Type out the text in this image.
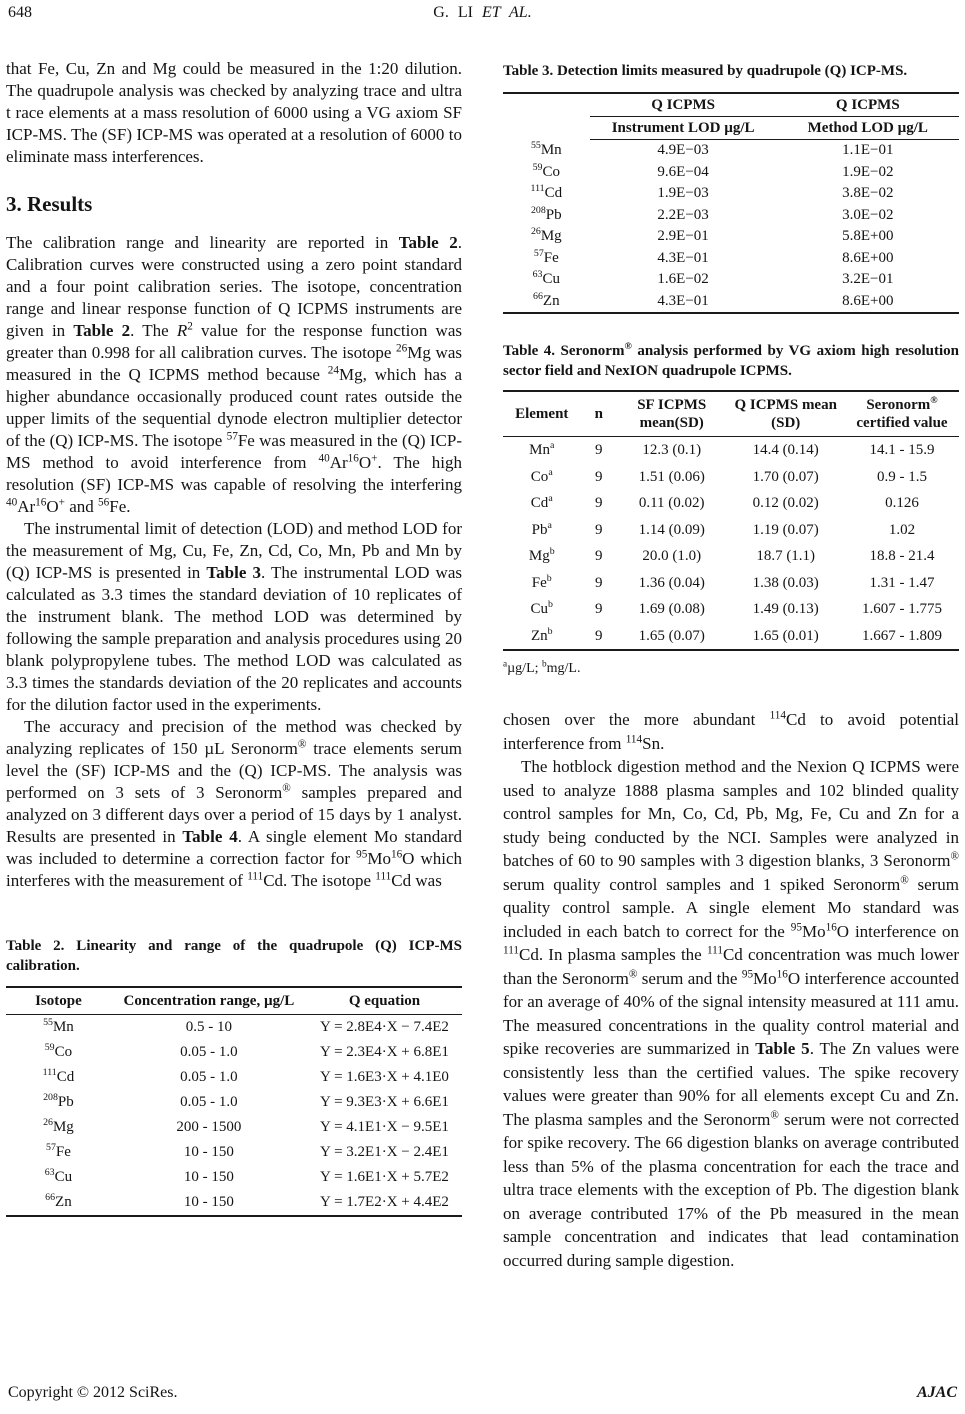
648	G. LI ET AL.

that Fe, Cu, Zn and Mg could be measured in the 1:20 dilution. The quadrupole analysis was checked by analyzing trace and ultra t race elements at a mass resolution of 6000 using a VG axiom SF ICP-MS. The (SF) ICP-MS was operated at a resolution of 6000 to eliminate mass interferences.

3. Results

The calibration range and linearity are reported in Table 2. Calibration curves were constructed using a zero point standard and a four point calibration series. The isotope, concentration range and linear response function of Q ICPMS instruments are given in Table 2. The $R^2$ value for the response function was greater than 0.998 for all calibration curves. The isotope $^{26}$Mg was measured in the Q ICPMS method because $^{24}$Mg, which has a higher abundance occasionally produced count rates outside the upper limits of the sequential dynode electron multiplier detector of the (Q) ICP-MS. The isotope $^{57}$Fe was measured in the (Q) ICP-MS method to avoid interference from $^{40}$Ar$^{16}$O+. The high resolution (SF) ICP-MS was capable of resolving the interfering $^{40}$Ar$^{16}$O+ and $^{56}$Fe.

The instrumental limit of detection (LOD) and method LOD for the measurement of Mg, Cu, Fe, Zn, Cd, Co, Mn, Pb and Mn by (Q) ICP-MS is presented in Table 3. The instrumental LOD was calculated as 3.3 times the standard deviation of 10 replicates of the instrument blank. The method LOD was determined by following the sample preparation and analysis procedures using 20 blank polypropylene tubes. The method LOD was calculated as 3.3 times the standards deviation of the 20 replicates and accounts for the dilution factor used in the experiments.

The accuracy and precision of the method was checked by analyzing replicates of 150 µL Seronorm® trace elements serum level the (SF) ICP-MS and the (Q) ICP-MS. The analysis was performed on 3 sets of 3 Seronorm® samples prepared and analyzed on 3 different days over a period of 15 days by 1 analyst. Results are presented in Table 4. A single element Mo standard was included to determine a correction factor for $^{95}$Mo$^{16}$O which interferes with the measurement of $^{111}$Cd. The isotope $^{111}$Cd was

Table 2. Linearity and range of the quadrupole (Q) ICP-MS calibration.

Isotope	Concentration range, µg/L	Q equation
$^{55}$Mn	0.5 - 10	Y = 2.8E4·X − 7.4E2
$^{59}$Co	0.05 - 1.0	Y = 2.3E4·X + 6.8E1
$^{111}$Cd	0.05 - 1.0	Y = 1.6E3·X + 4.1E0
$^{208}$Pb	0.05 - 1.0	Y = 9.3E3·X + 6.6E1
$^{26}$Mg	200 - 1500	Y = 4.1E1·X − 9.5E1
$^{57}$Fe	10 - 150	Y = 3.2E1·X − 2.4E1
$^{63}$Cu	10 - 150	Y = 1.6E1·X + 5.7E2
$^{66}$Zn	10 - 150	Y = 1.7E2·X + 4.4E2

Table 3. Detection limits measured by quadrupole (Q) ICP-MS.

	Q ICPMS	Q ICPMS
	Instrument LOD µg/L	Method LOD µg/L
$^{55}$Mn	4.9E−03	1.1E−01
$^{59}$Co	9.6E−04	1.9E−02
$^{111}$Cd	1.9E−03	3.8E−02
$^{208}$Pb	2.2E−03	3.0E−02
$^{26}$Mg	2.9E−01	5.8E+00
$^{57}$Fe	4.3E−01	8.6E+00
$^{63}$Cu	1.6E−02	3.2E−01
$^{66}$Zn	4.3E−01	8.6E+00

Table 4. Seronorm® analysis performed by VG axiom high resolution sector field and NexION quadrupole ICPMS.

Element	n	SF ICPMS mean(SD)	Q ICPMS mean (SD)	Seronorm® certified value
Mn$^a$	9	12.3 (0.1)	14.4 (0.14)	14.1 - 15.9
Co$^a$	9	1.51 (0.06)	1.70 (0.07)	0.9 - 1.5
Cd$^a$	9	0.11 (0.02)	0.12 (0.02)	0.126
Pb$^a$	9	1.14 (0.09)	1.19 (0.07)	1.02
Mg$^b$	9	20.0 (1.0)	18.7 (1.1)	18.8 - 21.4
Fe$^b$	9	1.36 (0.04)	1.38 (0.03)	1.31 - 1.47
Cu$^b$	9	1.69 (0.08)	1.49 (0.13)	1.607 - 1.775
Zn$^b$	9	1.65 (0.07)	1.65 (0.01)	1.667 - 1.809

$^a$µg/L; $^b$mg/L.

chosen over the more abundant $^{114}$Cd to avoid potential interference from $^{114}$Sn.

The hotblock digestion method and the Nexion Q ICPMS were used to analyze 1888 plasma samples and 102 blinded quality control samples for Mn, Co, Cd, Pb, Mg, Fe, Cu and Zn for a study being conducted by the NCI. Samples were analyzed in batches of 60 to 90 samples with 3 digestion blanks, 3 Seronorm® serum quality control samples and 1 spiked Seronorm® serum quality control sample. A single element Mo standard was included in each batch to correct for the $^{95}$Mo$^{16}$O interference on $^{111}$Cd. In plasma samples the $^{111}$Cd concentration was much lower than the Seronorm® serum and the $^{95}$Mo$^{16}$O interference accounted for an average of 40% of the signal intensity measured at 111 amu. The measured concentrations in the quality control material and spike recoveries are summarized in Table 5. The Zn values were consistently less than the certified values. The spike recovery values were greater than 90% for all elements except Cu and Zn. The plasma samples and the Seronorm® serum were not corrected for spike recovery. The 66 digestion blanks on average contributed less than 5% of the plasma concentration for each the trace and ultra trace elements with the exception of Pb. The digestion blank on average contributed 17% of the Pb measured in the mean sample concentration and indicates that lead contamination occurred during sample digestion.

Copyright © 2012 SciRes.	AJAC
